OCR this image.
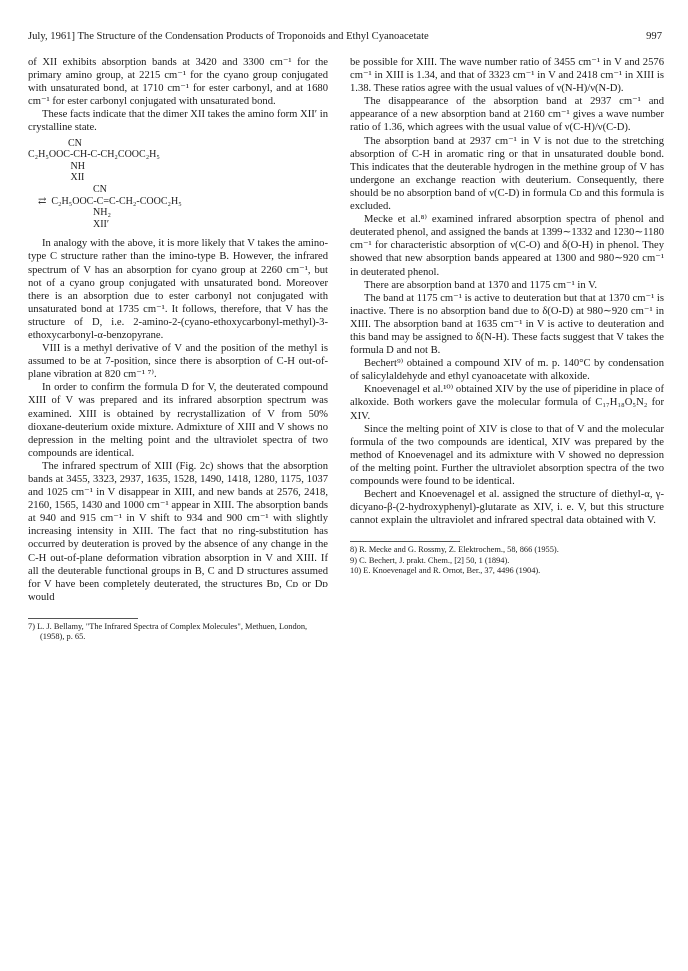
July, 1961] The Structure of the Condensation Products of Troponoids and Ethyl Cyanoacetate	997

of XII exhibits absorption bands at 3420 and 3300 cm⁻¹ for the primary amino group, at 2215 cm⁻¹ for the cyano group conjugated with unsaturated bond, at 1710 cm⁻¹ for ester carbonyl, and at 1680 cm⁻¹ for ester carbonyl conjugated with unsaturated bond.

These facts indicate that the dimer XII takes the amino form XII′ in crystalline state.

CN
C₂H₅OOC-CH-C-CH₂COOC₂H₅
NH
XII
CN
⇄  C₂H₅OOC-C=C-CH₂-COOC₂H₅
NH₂
XII′

In analogy with the above, it is more likely that V takes the amino-type C structure rather than the imino-type B. However, the infrared spectrum of V has an absorption for cyano group at 2260 cm⁻¹, but not of a cyano group conjugated with unsaturated bond. Moreover there is an absorption due to ester carbonyl not conjugated with unsaturated bond at 1735 cm⁻¹. It follows, therefore, that V has the structure of D, i.e. 2-amino-2-(cyano-ethoxycarbonyl-methyl)-3-ethoxycarbonyl-α-benzopyrane.

VIII is a methyl derivative of V and the position of the methyl is assumed to be at 7-position, since there is absorption of C-H out-of-plane vibration at 820 cm⁻¹ ⁷⁾.

In order to confirm the formula D for V, the deuterated compound XIII of V was prepared and its infrared absorption spectrum was examined. XIII is obtained by recrystallization of V from 50% dioxane-deuterium oxide mixture. Admixture of XIII and V shows no depression in the melting point and the ultraviolet spectra of two compounds are identical.

The infrared spectrum of XIII (Fig. 2c) shows that the absorption bands at 3455, 3323, 2937, 1635, 1528, 1490, 1418, 1280, 1175, 1037 and 1025 cm⁻¹ in V disappear in XIII, and new bands at 2576, 2418, 2160, 1565, 1430 and 1000 cm⁻¹ appear in XIII. The absorption bands at 940 and 915 cm⁻¹ in V shift to 934 and 900 cm⁻¹ with slightly increasing intensity in XIII. The fact that no ring-substitution has occurred by deuteration is proved by the absence of any change in the C-H out-of-plane deformation vibration absorption in V and XIII. If all the deuterable functional groups in B, C and D structures assumed for V have been completely deuterated, the structures Bᴅ, Cᴅ or Dᴅ would

7) L. J. Bellamy, "The Infrared Spectra of Complex Molecules", Methuen, London, (1958), p. 65.

be possible for XIII. The wave number ratio of 3455 cm⁻¹ in V and 2576 cm⁻¹ in XIII is 1.34, and that of 3323 cm⁻¹ in V and 2418 cm⁻¹ in XIII is 1.38. These ratios agree with the usual values of ν(N-H)/ν(N-D).

The disappearance of the absorption band at 2937 cm⁻¹ and appearance of a new absorption band at 2160 cm⁻¹ gives a wave number ratio of 1.36, which agrees with the usual value of ν(C-H)/ν(C-D).

The absorption band at 2937 cm⁻¹ in V is not due to the stretching absorption of C-H in aromatic ring or that in unsaturated double bond. This indicates that the deuterable hydrogen in the methine group of V has undergone an exchange reaction with deuterium. Consequently, there should be no absorption band of ν(C-D) in formula Cᴅ and this formula is excluded.

Mecke et al.⁸⁾ examined infrared absorption spectra of phenol and deuterated phenol, and assigned the bands at 1399∼1332 and 1230∼1180 cm⁻¹ for characteristic absorption of ν(C-O) and δ(O-H) in phenol. They showed that new absorption bands appeared at 1300 and 980∼920 cm⁻¹ in deuterated phenol.

There are absorption band at 1370 and 1175 cm⁻¹ in V.

The band at 1175 cm⁻¹ is active to deuteration but that at 1370 cm⁻¹ is inactive. There is no absorption band due to δ(O-D) at 980∼920 cm⁻¹ in XIII. The absorption band at 1635 cm⁻¹ in V is active to deuteration and this band may be assigned to δ(N-H). These facts suggest that V takes the formula D and not B.

Bechert⁹⁾ obtained a compound XIV of m. p. 140°C by condensation of salicylaldehyde and ethyl cyanoacetate with alkoxide.

Knoevenagel et al.¹⁰⁾ obtained XIV by the use of piperidine in place of alkoxide. Both workers gave the molecular formula of C₁₇H₁₈O₅N₂ for XIV.

Since the melting point of XIV is close to that of V and the molecular formula of the two compounds are identical, XIV was prepared by the method of Knoevenagel and its admixture with V showed no depression of the melting point. Further the ultraviolet absorption spectra of the two compounds were found to be identical.

Bechert and Knoevenagel et al. assigned the structure of diethyl-α, γ-dicyano-β-(2-hydroxyphenyl)-glutarate as XIV, i. e. V, but this structure cannot explain the ultraviolet and infrared spectral data obtained with V.

8) R. Mecke and G. Rossmy, Z. Elektrochem., 58, 866 (1955).

9) C. Bechert, J. prakt. Chem., [2] 50, 1 (1894).

10) E. Knoevenagel and R. Ornot, Ber., 37, 4496 (1904).
